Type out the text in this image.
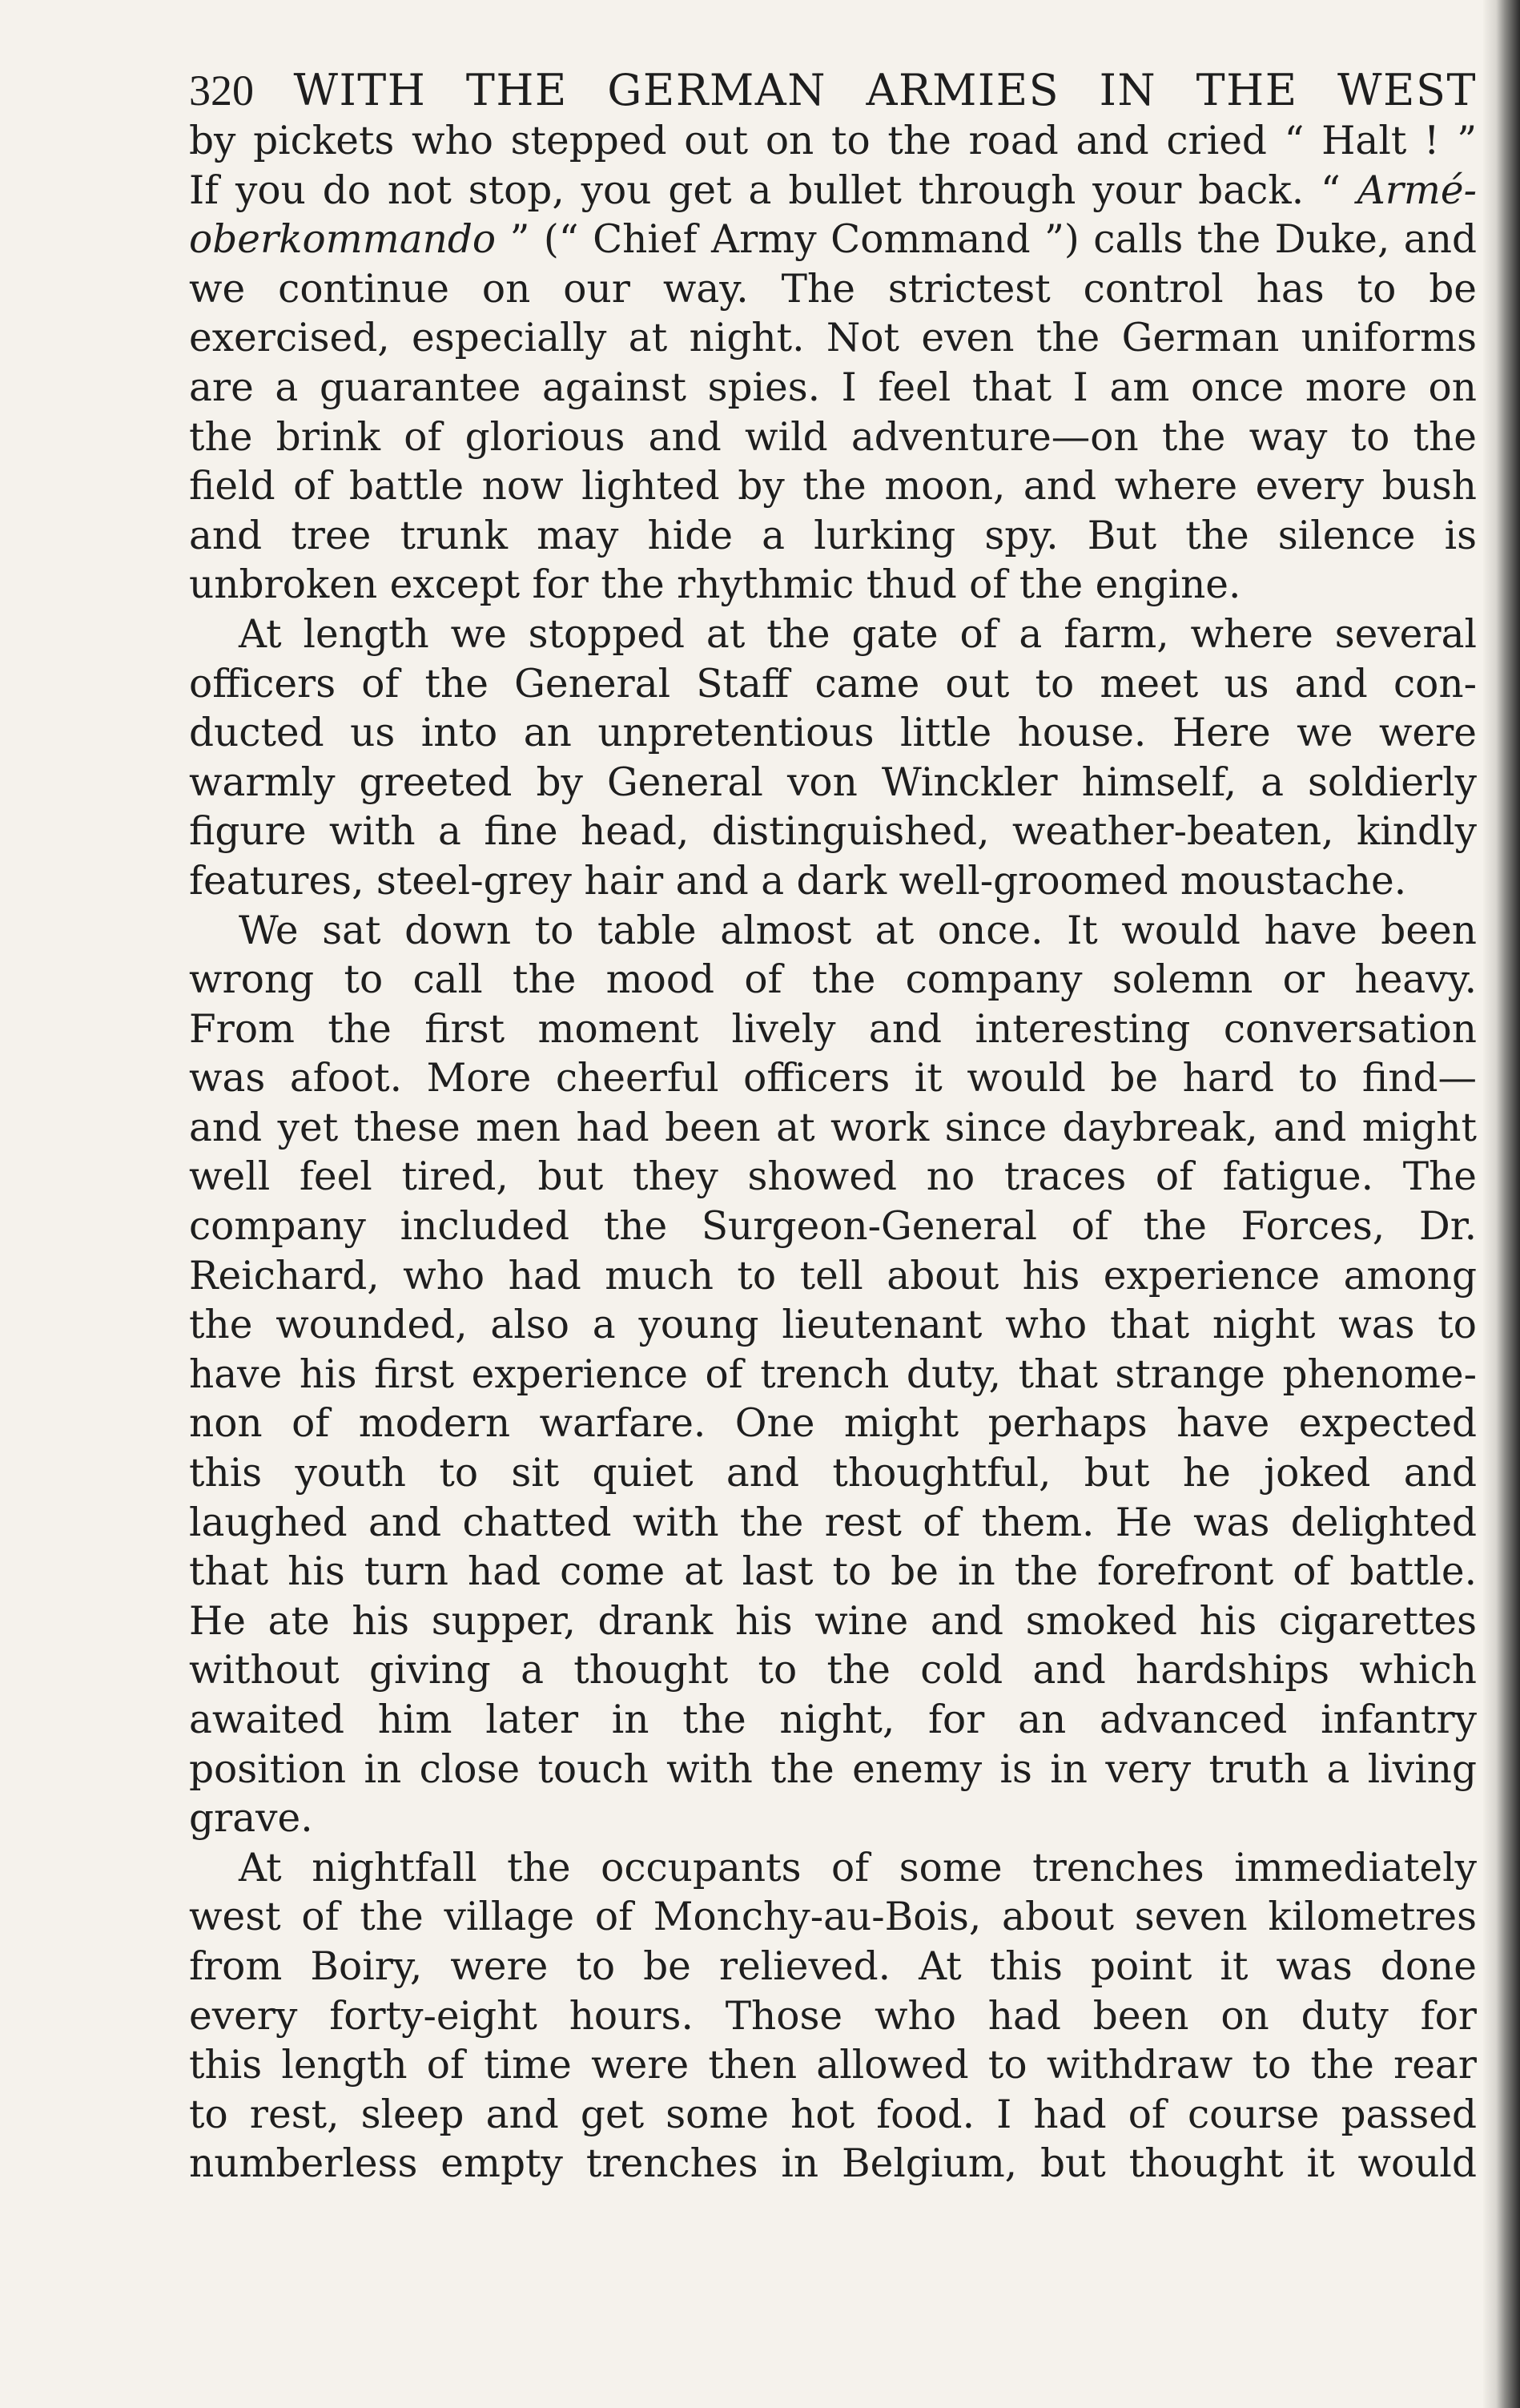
320 WITH THE GERMAN ARMIES IN THE WEST
by pickets who stepped out on to the road and cried “ Halt ! ”
If you do not stop, you get a bullet through your back. “ Armé-
oberkommando ” (“ Chief Army Command ”) calls the Duke, and
we continue on our way. The strictest control has to be
exercised, especially at night. Not even the German uniforms
are a guarantee against spies. I feel that I am once more on
the brink of glorious and wild adventure—on the way to the
field of battle now lighted by the moon, and where every bush
and tree trunk may hide a lurking spy. But the silence is
unbroken except for the rhythmic thud of the engine.
At length we stopped at the gate of a farm, where several
officers of the General Staff came out to meet us and con-
ducted us into an unpretentious little house. Here we were
warmly greeted by General von Winckler himself, a soldierly
figure with a fine head, distinguished, weather-beaten, kindly
features, steel-grey hair and a dark well-groomed moustache.
We sat down to table almost at once. It would have been
wrong to call the mood of the company solemn or heavy.
From the first moment lively and interesting conversation
was afoot. More cheerful officers it would be hard to find—
and yet these men had been at work since daybreak, and might
well feel tired, but they showed no traces of fatigue. The
company included the Surgeon-General of the Forces, Dr.
Reichard, who had much to tell about his experience among
the wounded, also a young lieutenant who that night was to
have his first experience of trench duty, that strange phenome-
non of modern warfare. One might perhaps have expected
this youth to sit quiet and thoughtful, but he joked and
laughed and chatted with the rest of them. He was delighted
that his turn had come at last to be in the forefront of battle.
He ate his supper, drank his wine and smoked his cigarettes
without giving a thought to the cold and hardships which
awaited him later in the night, for an advanced infantry
position in close touch with the enemy is in very truth a living
grave.
At nightfall the occupants of some trenches immediately
west of the village of Monchy-au-Bois, about seven kilometres
from Boiry, were to be relieved. At this point it was done
every forty-eight hours. Those who had been on duty for
this length of time were then allowed to withdraw to the rear
to rest, sleep and get some hot food. I had of course passed
numberless empty trenches in Belgium, but thought it would
